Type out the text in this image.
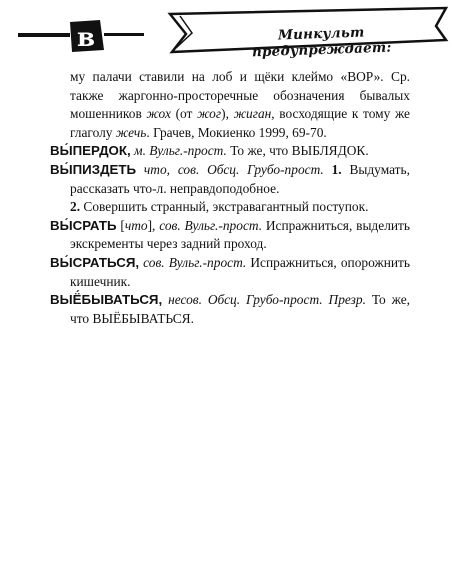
в	Минкульт предупреждает:

му палачи ставили на лоб и щёки клеймо «ВОР». Ср. также жаргонно-просторечные обозначения бывалых мошенников жох (от жог), жиган, восходящие к тому же глаголу жечь. Грачев, Мокиенко 1999, 69-70.

ВЫ́ПЕРДОК, м. Вульг.-прост. То же, что ВЫБЛЯДОК.

ВЫ́ПИЗДЕТЬ что, сов. Обсц. Грубо-прост. 1. Выдумать, рассказать что-л. неправдоподобное.

2. Совершить странный, экстравагантный поступок.

ВЫ́СРАТЬ [что], сов. Вульг.-прост. Испражниться, выделить экскременты через задний проход.

ВЫ́СРАТЬСЯ, сов. Вульг.-прост. Испражниться, опорожнить кишечник.

ВЫЁ́БЫВАТЬСЯ, несов. Обсц. Грубо-прост. Презр. То же, что ВЫЁБЫВАТЬСЯ.
